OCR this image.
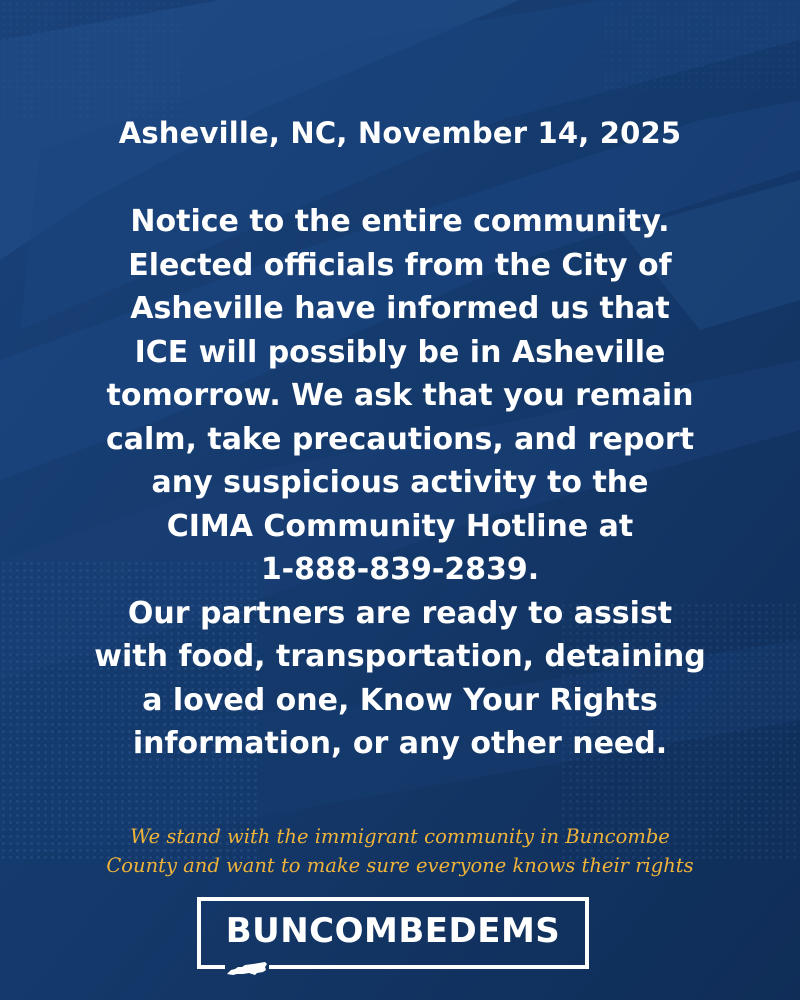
Asheville, NC, November 14, 2025
Notice to the entire community.
Elected officials from the City of
Asheville have informed us that
ICE will possibly be in Asheville
tomorrow. We ask that you remain
calm, take precautions, and report
any suspicious activity to the
CIMA Community Hotline at
1-888-839-2839.
Our partners are ready to assist
with food, transportation, detaining
a loved one, Know Your Rights
information, or any other need.
We stand with the immigrant community in Buncombe
County and want to make sure everyone knows their rights
BUNCOMBEDEMS
